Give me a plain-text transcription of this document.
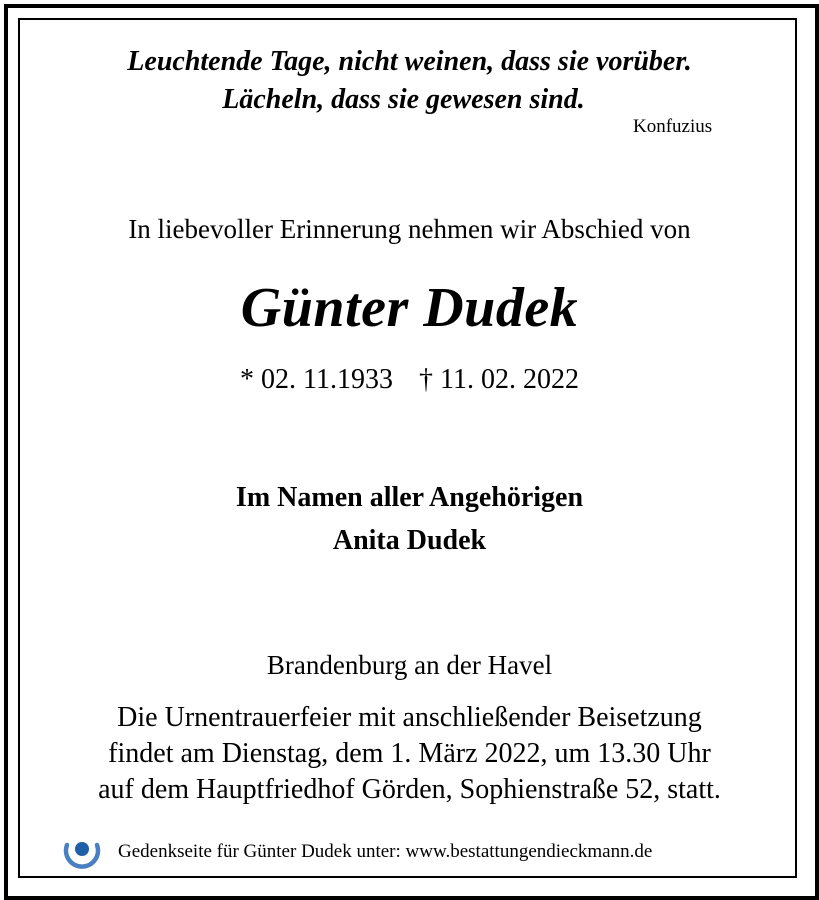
Leuchtende Tage, nicht weinen, dass sie vorüber.

Lächeln, dass sie gewesen sind.

Konfuzius

In liebevoller Erinnerung nehmen wir Abschied von

Günter Dudek

* 02. 11.1933 † 11. 02. 2022

Im Namen aller Angehörigen

Anita Dudek

Brandenburg an der Havel

Die Urnentrauerfeier mit anschließender Beisetzung

findet am Dienstag, dem 1. März 2022, um 13.30 Uhr

auf dem Hauptfriedhof Görden, Sophienstraße 52, statt.

Gedenkseite für Günter Dudek unter: www.bestattungendieckmann.de
